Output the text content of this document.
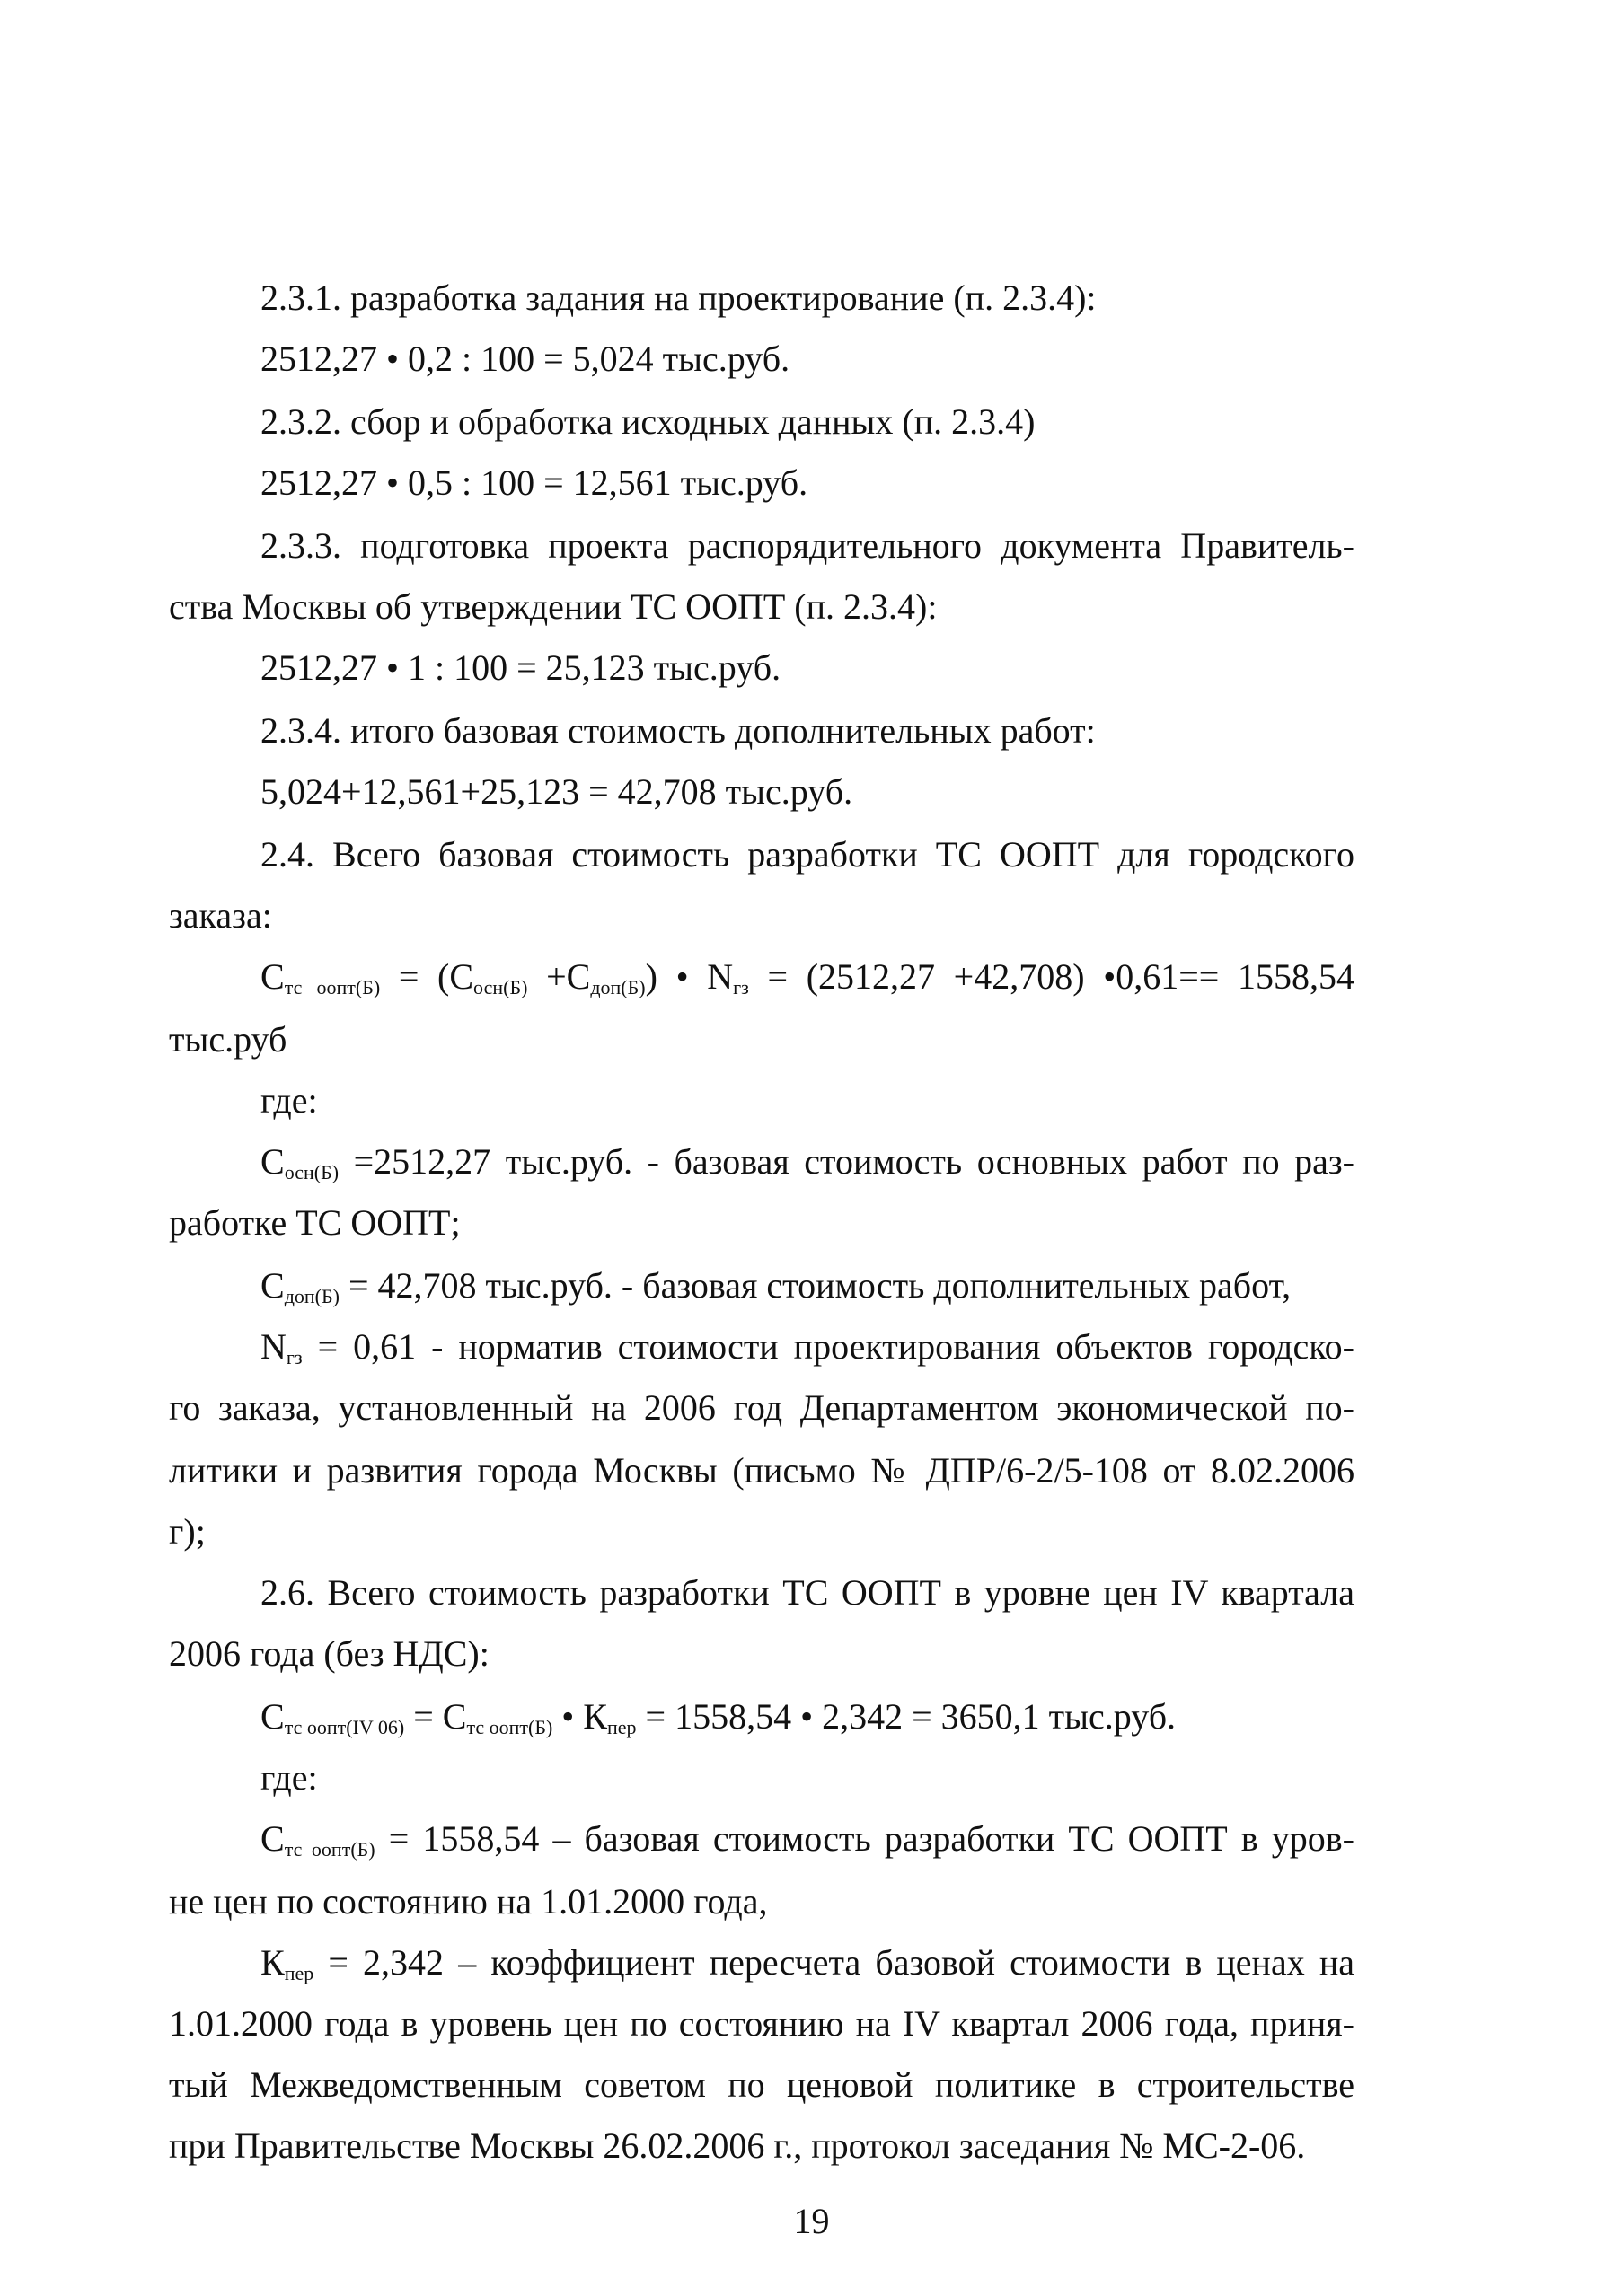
2.3.1. разработка задания на проектирование (п. 2.3.4):
2512,27 • 0,2 : 100 = 5,024 тыс.руб.
2.3.2. сбор и обработка исходных данных (п. 2.3.4)
2512,27 • 0,5 : 100 = 12,561 тыс.руб.
2.3.3. подготовка проекта распорядительного документа Правитель-
ства Москвы об утверждении ТС ООПТ (п. 2.3.4):
2512,27 • 1 : 100 = 25,123 тыс.руб.
2.3.4. итого базовая стоимость дополнительных работ:
5,024+12,561+25,123 = 42,708 тыс.руб.
2.4. Всего базовая стоимость разработки ТС ООПТ для городского
заказа:
$С_{тс оопт(Б)} = (С_{осн(Б)} +С_{доп(Б)})$ • $N_{гз} = (2512,27 +42,708)$ •0,61== 1558,54
тыс.руб
где:
$С_{осн(Б)} =2512,27$ тыс.руб. - базовая стоимость основных работ по раз-
работке ТС ООПТ;
$С_{доп(Б)} = 42,708$ тыс.руб. - базовая стоимость дополнительных работ,
$N_{гз} = 0,61$ - норматив стоимости проектирования объектов городско-
го заказа, установленный на 2006 год Департаментом экономической по-
литики и развития города Москвы (письмо № ДПР/6-2/5-108 от 8.02.2006
г);
2.6. Всего стоимость разработки ТС ООПТ в уровне цен IV квартала
2006 года (без НДС):
$С_{тс оопт(IV 06)} = С_{тс оопт(Б)}$ • $К_{пер} = 1558,54$ • 2,342 = 3650,1 тыс.руб.
где:
$С_{тс оопт(Б)} = 1558,54$ – базовая стоимость разработки ТС ООПТ в уров-
не цен по состоянию на 1.01.2000 года,
$К_{пер} = 2,342$ – коэффициент пересчета базовой стоимости в ценах на
1.01.2000 года в уровень цен по состоянию на IV квартал 2006 года, приня-
тый Межведомственным советом по ценовой политике в строительстве
при Правительстве Москвы 26.02.2006 г., протокол заседания № МС-2-06.
19
